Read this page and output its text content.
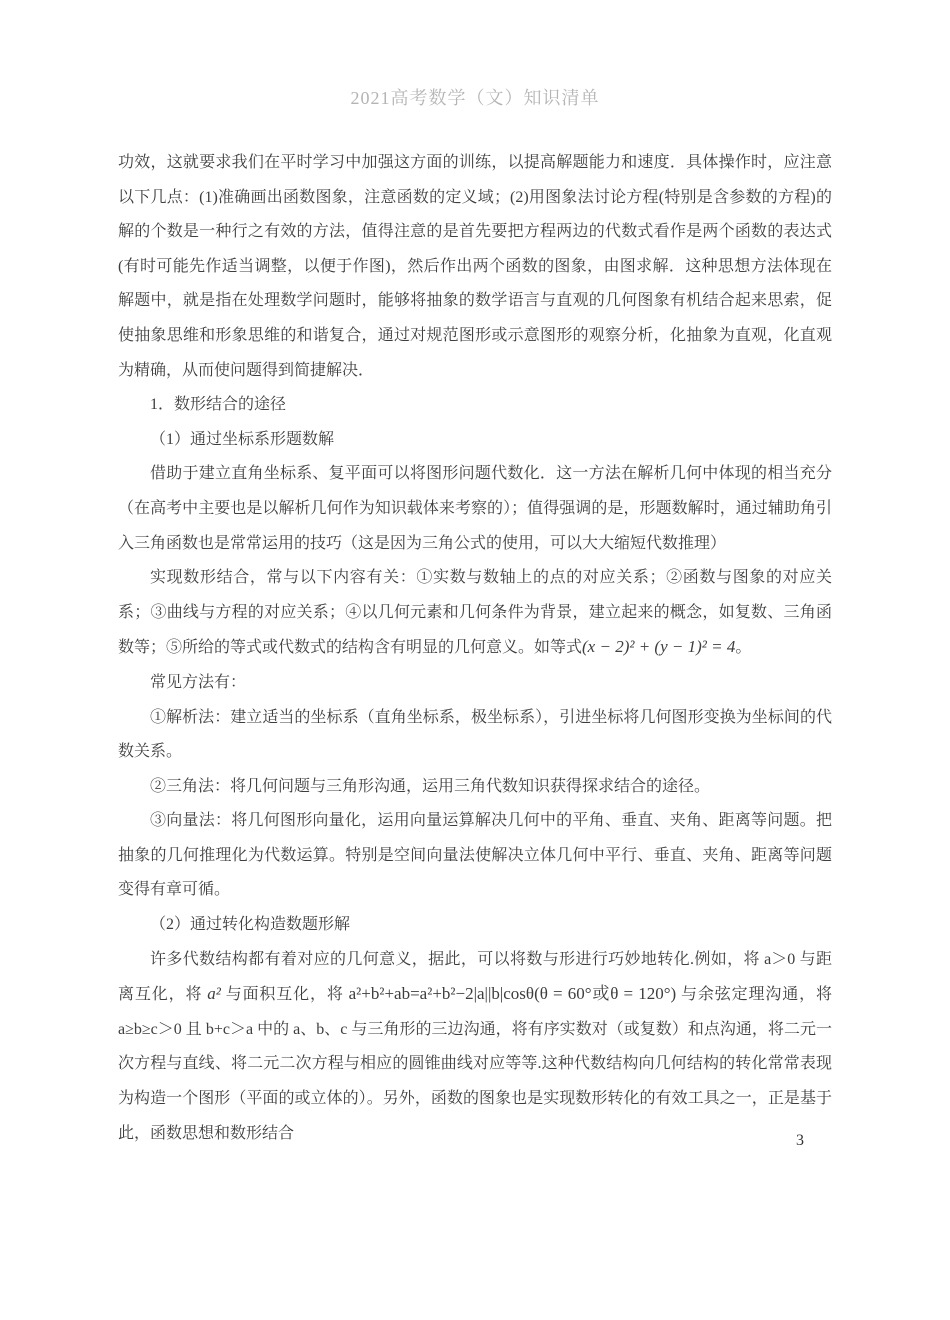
2021高考数学（文）知识清单

功效，这就要求我们在平时学习中加强这方面的训练，以提高解题能力和速度．具体操作时，应注意以下几点：(1)准确画出函数图象，注意函数的定义域；(2)用图象法讨论方程(特别是含参数的方程)的解的个数是一种行之有效的方法，值得注意的是首先要把方程两边的代数式看作是两个函数的表达式(有时可能先作适当调整，以便于作图)，然后作出两个函数的图象，由图求解．这种思想方法体现在解题中，就是指在处理数学问题时，能够将抽象的数学语言与直观的几何图象有机结合起来思索，促使抽象思维和形象思维的和谐复合，通过对规范图形或示意图形的观察分析，化抽象为直观，化直观为精确，从而使问题得到简捷解决．

1．数形结合的途径

（1）通过坐标系形题数解

借助于建立直角坐标系、复平面可以将图形问题代数化．这一方法在解析几何中体现的相当充分（在高考中主要也是以解析几何作为知识载体来考察的）；值得强调的是，形题数解时，通过辅助角引入三角函数也是常常运用的技巧（这是因为三角公式的使用，可以大大缩短代数推理）

实现数形结合，常与以下内容有关：①实数与数轴上的点的对应关系；②函数与图象的对应关系；③曲线与方程的对应关系；④以几何元素和几何条件为背景，建立起来的概念，如复数、三角函数等；⑤所给的等式或代数式的结构含有明显的几何意义。如等式(x − 2)² + (y − 1)² = 4。

常见方法有：

①解析法：建立适当的坐标系（直角坐标系，极坐标系），引进坐标将几何图形变换为坐标间的代数关系。

②三角法：将几何问题与三角形沟通，运用三角代数知识获得探求结合的途径。

③向量法：将几何图形向量化，运用向量运算解决几何中的平角、垂直、夹角、距离等问题。把抽象的几何推理化为代数运算。特别是空间向量法使解决立体几何中平行、垂直、夹角、距离等问题变得有章可循。

（2）通过转化构造数题形解

许多代数结构都有着对应的几何意义，据此，可以将数与形进行巧妙地转化.例如，将 a＞0 与距离互化，将 a² 与面积互化，将 a²+b²+ab=a²+b²−2|a||b|cosθ(θ = 60°或θ = 120°) 与余弦定理沟通，将 a≥b≥c＞0 且 b+c＞a 中的 a、b、c 与三角形的三边沟通，将有序实数对（或复数）和点沟通，将二元一次方程与直线、将二元二次方程与相应的圆锥曲线对应等等.这种代数结构向几何结构的转化常常表现为构造一个图形（平面的或立体的）。另外，函数的图象也是实现数形转化的有效工具之一，正是基于此，函数思想和数形结合	3
